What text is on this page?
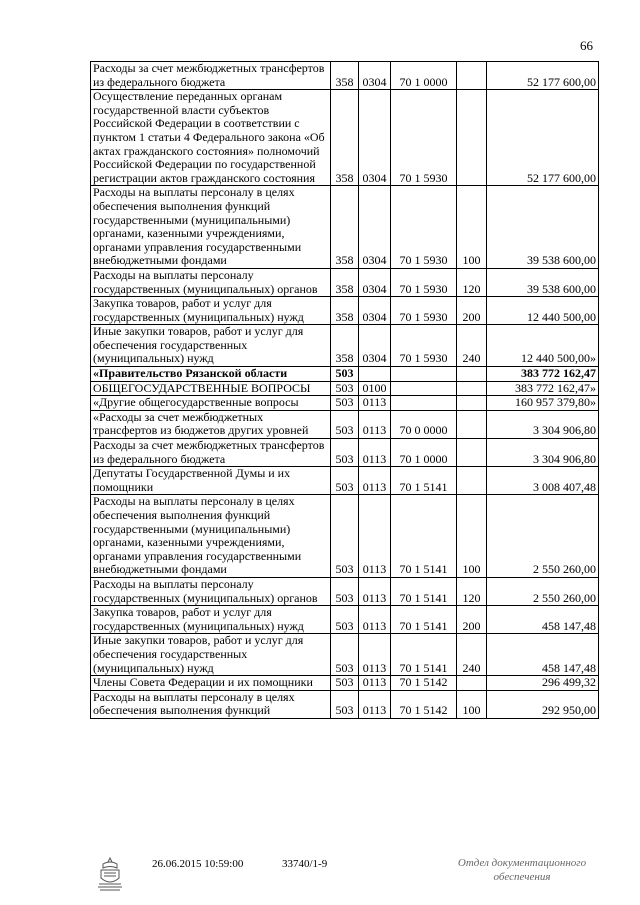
66
Расходы за счет межбюджетных трансфертов из федерального бюджета	358	0304	70 1 0000		52 177 600,00
Осуществление переданных органам государственной власти субъектов Российской Федерации в соответствии с пунктом 1 статьи 4 Федерального закона «Об актах гражданского состояния» полномочий Российской Федерации по государственной регистрации актов гражданского состояния	358	0304	70 1 5930		52 177 600,00
Расходы на выплаты персоналу в целях обеспечения выполнения функций государственными (муниципальными) органами, казенными учреждениями, органами управления государственными внебюджетными фондами	358	0304	70 1 5930	100	39 538 600,00
Расходы на выплаты персоналу государственных (муниципальных) органов	358	0304	70 1 5930	120	39 538 600,00
Закупка товаров, работ и услуг для государственных (муниципальных) нужд	358	0304	70 1 5930	200	12 440 500,00
Иные закупки товаров, работ и услуг для обеспечения государственных (муниципальных) нужд	358	0304	70 1 5930	240	12 440 500,00»
«Правительство Рязанской области	503				383 772 162,47
ОБЩЕГОСУДАРСТВЕННЫЕ ВОПРОСЫ	503	0100			383 772 162,47»
«Другие общегосударственные вопросы	503	0113			160 957 379,80»
«Расходы за счет межбюджетных трансфертов из бюджетов других уровней	503	0113	70 0 0000		3 304 906,80
Расходы за счет межбюджетных трансфертов из федерального бюджета	503	0113	70 1 0000		3 304 906,80
Депутаты Государственной Думы и их помощники	503	0113	70 1 5141		3 008 407,48
Расходы на выплаты персоналу в целях обеспечения выполнения функций государственными (муниципальными) органами, казенными учреждениями, органами управления государственными внебюджетными фондами	503	0113	70 1 5141	100	2 550 260,00
Расходы на выплаты персоналу государственных (муниципальных) органов	503	0113	70 1 5141	120	2 550 260,00
Закупка товаров, работ и услуг для государственных (муниципальных) нужд	503	0113	70 1 5141	200	458 147,48
Иные закупки товаров, работ и услуг для обеспечения государственных (муниципальных) нужд	503	0113	70 1 5141	240	458 147,48
Члены Совета Федерации и их помощники	503	0113	70 1 5142		296 499,32
Расходы на выплаты персоналу в целях обеспечения выполнения функций	503	0113	70 1 5142	100	292 950,00
26.06.2015 10:59:00	33740/1-9	Отдел документационного
обеспечения
